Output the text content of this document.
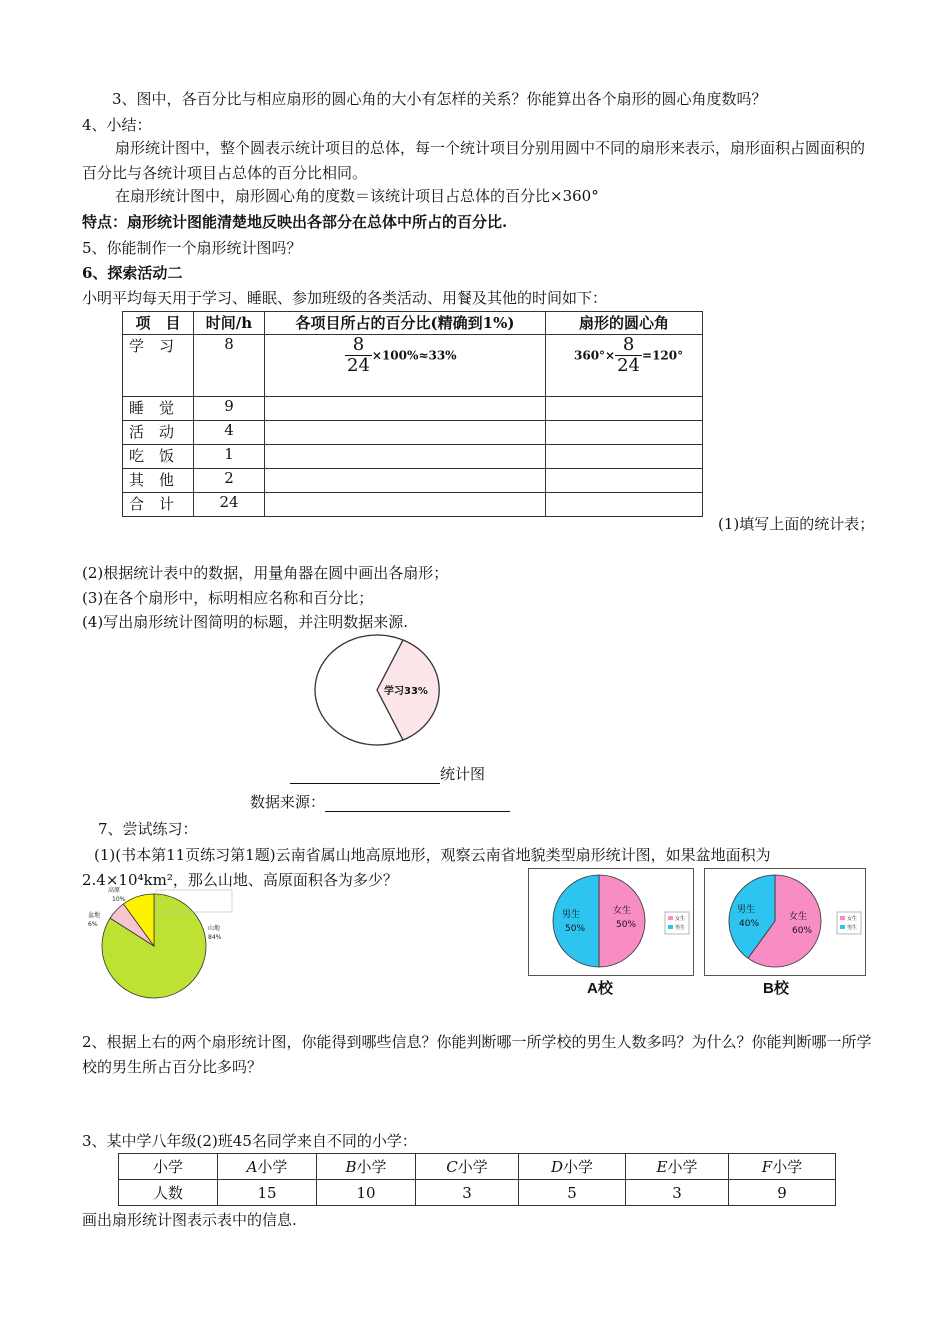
3、图中，各百分比与相应扇形的圆心角的大小有怎样的关系？你能算出各个扇形的圆心角度数吗？
4、小结：
扇形统计图中，整个圆表示统计项目的总体，每一个统计项目分别用圆中不同的扇形来表示，扇形面积占圆面积的百分比与各统计项目占总体的百分比相同。
在扇形统计图中，扇形圆心角的度数＝该统计项目占总体的百分比×360°
特点：扇形统计图能清楚地反映出各部分在总体中所占的百分比.
5、你能制作一个扇形统计图吗？
6、探索活动二
小明平均每天用于学习、睡眠、参加班级的各类活动、用餐及其他的时间如下：
项　目	时间/h	各项目所占的百分比(精确到1%)	扇形的圆心角
学　习	8	$\frac{8}{24} \times 100\%\approx 33\%$	$360^\circ\times \frac{8}{24} =120^\circ$
睡　觉	9		
活　动	4		
吃　饭	1		
其　他	2		
合　计	24		
(1)填写上面的统计表；
(2)根据统计表中的数据，用量角器在圆中画出各扇形；
(3)在各个扇形中，标明相应名称和百分比；
(4)写出扇形统计图简明的标题，并注明数据来源.
学习33%
统计图
数据来源：
7、尝试练习：
(1)(书本第11页练习第1题)云南省属山地高原地形，观察云南省地貌类型扇形统计图，如果盆地面积为2.4×10⁴km²，那么山地、高原面积各为多少？
高原
10%
盆地
6%
山地
84%
男生
50%
女生
50%
女生
男生
A校
男生
40%
女生
60%
女生
男生
B校
2、根据上右的两个扇形统计图，你能得到哪些信息？你能判断哪一所学校的男生人数多吗？为什么？你能判断哪一所学校的男生所占百分比多吗？
3、某中学八年级(2)班45名同学来自不同的小学：
小学	A小学	B小学	C小学	D小学	E小学	F小学
人数	15	10	3	5	3	9
画出扇形统计图表示表中的信息.
